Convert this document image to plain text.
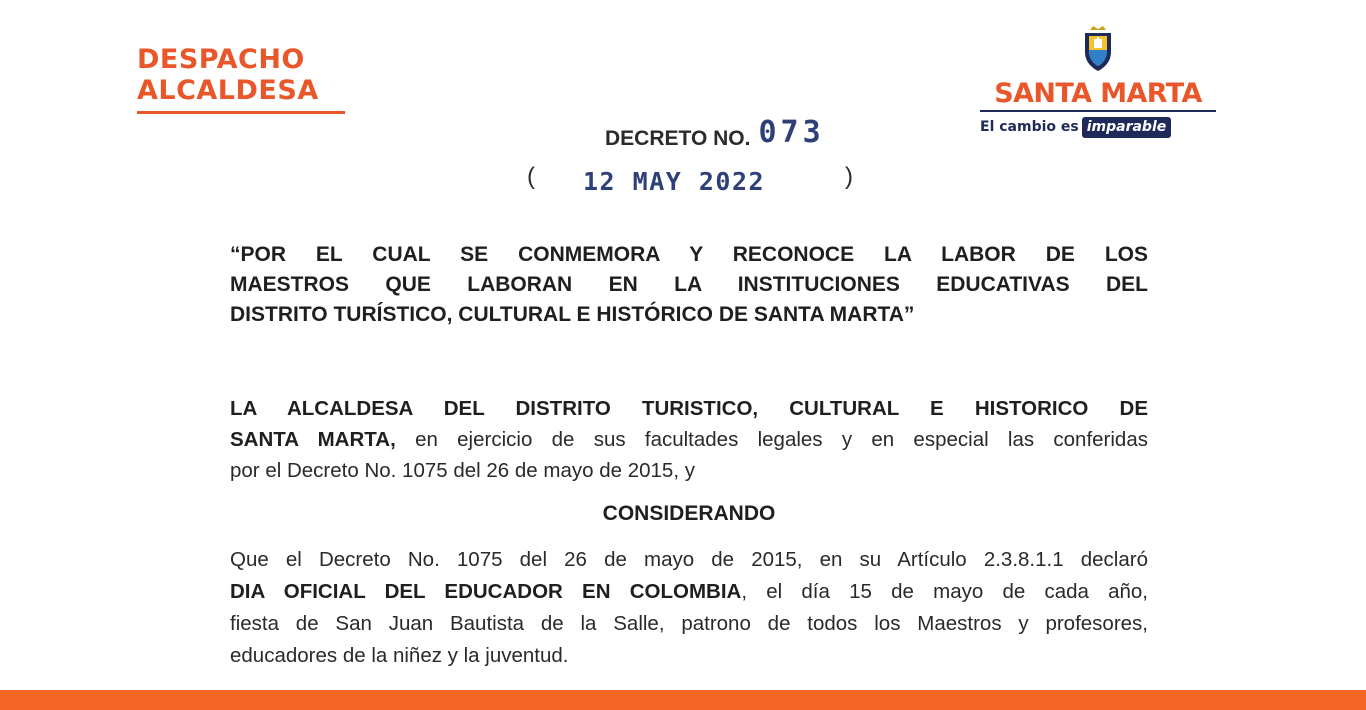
DESPACHO
ALCALDESA	SANTA MARTA
El cambio es imparable
DECRETO NO. 073
( 12 MAY 2022	)
“POR EL CUAL SE CONMEMORA Y RECONOCE LA LABOR DE LOS
MAESTROS QUE LABORAN EN LA INSTITUCIONES EDUCATIVAS DEL
DISTRITO TURÍSTICO, CULTURAL E HISTÓRICO DE SANTA MARTA”
LA ALCALDESA DEL DISTRITO TURISTICO, CULTURAL E HISTORICO DE
SANTA MARTA, en ejercicio de sus facultades legales y en especial las conferidas
por el Decreto No. 1075 del 26 de mayo de 2015, y
CONSIDERANDO
Que el Decreto No. 1075 del 26 de mayo de 2015, en su Artículo 2.3.8.1.1 declaró
DIA OFICIAL DEL EDUCADOR EN COLOMBIA, el día 15 de mayo de cada año,
fiesta de San Juan Bautista de la Salle, patrono de todos los Maestros y profesores,
educadores de la niñez y la juventud.
